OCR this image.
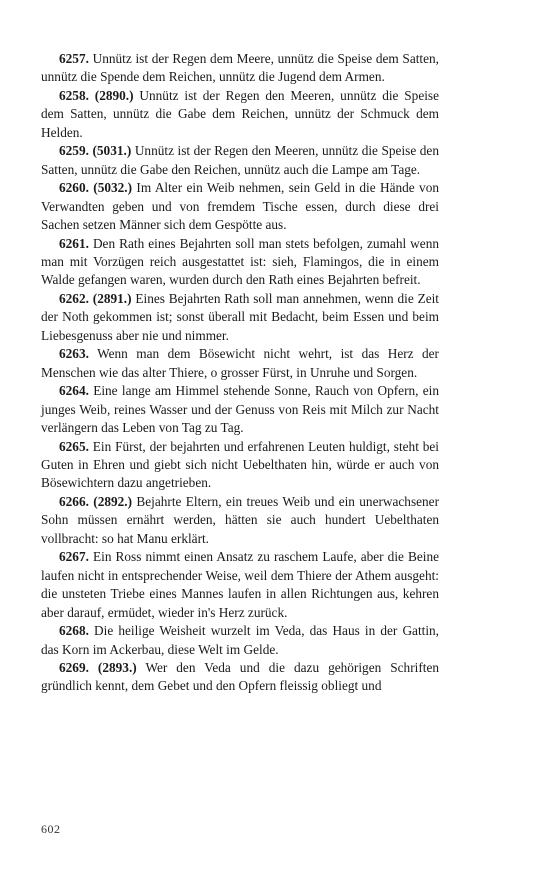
6257. Unnütz ist der Regen dem Meere, unnütz die Speise dem Satten, unnütz die Spende dem Reichen, unnütz die Jugend dem Armen.

6258. (2890.) Unnütz ist der Regen den Meeren, unnütz die Speise dem Satten, unnütz die Gabe dem Reichen, unnütz der Schmuck dem Helden.

6259. (5031.) Unnütz ist der Regen den Meeren, unnütz die Speise den Satten, unnütz die Gabe den Reichen, unnütz auch die Lampe am Tage.

6260. (5032.) Im Alter ein Weib nehmen, sein Geld in die Hände von Verwandten geben und von fremdem Tische essen, durch diese drei Sachen setzen Männer sich dem Gespötte aus.

6261. Den Rath eines Bejahrten soll man stets befolgen, zumahl wenn man mit Vorzügen reich ausgestattet ist: sieh, Flamingos, die in einem Walde gefangen waren, wurden durch den Rath eines Bejahrten befreit.

6262. (2891.) Eines Bejahrten Rath soll man annehmen, wenn die Zeit der Noth gekommen ist; sonst überall mit Bedacht, beim Essen und beim Liebesgenuss aber nie und nimmer.

6263. Wenn man dem Bösewicht nicht wehrt, ist das Herz der Menschen wie das alter Thiere, o grosser Fürst, in Unruhe und Sorgen.

6264. Eine lange am Himmel stehende Sonne, Rauch von Opfern, ein junges Weib, reines Wasser und der Genuss von Reis mit Milch zur Nacht verlängern das Leben von Tag zu Tag.

6265. Ein Fürst, der bejahrten und erfahrenen Leuten huldigt, steht bei Guten in Ehren und giebt sich nicht Uebelthaten hin, würde er auch von Bösewichtern dazu angetrieben.

6266. (2892.) Bejahrte Eltern, ein treues Weib und ein unerwachsener Sohn müssen ernährt werden, hätten sie auch hundert Uebelthaten vollbracht: so hat Manu erklärt.

6267. Ein Ross nimmt einen Ansatz zu raschem Laufe, aber die Beine laufen nicht in entsprechender Weise, weil dem Thiere der Athem ausgeht: die unsteten Triebe eines Mannes laufen in allen Richtungen aus, kehren aber darauf, ermüdet, wieder in's Herz zurück.

6268. Die heilige Weisheit wurzelt im Veda, das Haus in der Gattin, das Korn im Ackerbau, diese Welt im Gelde.

6269. (2893.) Wer den Veda und die dazu gehörigen Schriften gründlich kennt, dem Gebet und den Opfern fleissig obliegt und

602
